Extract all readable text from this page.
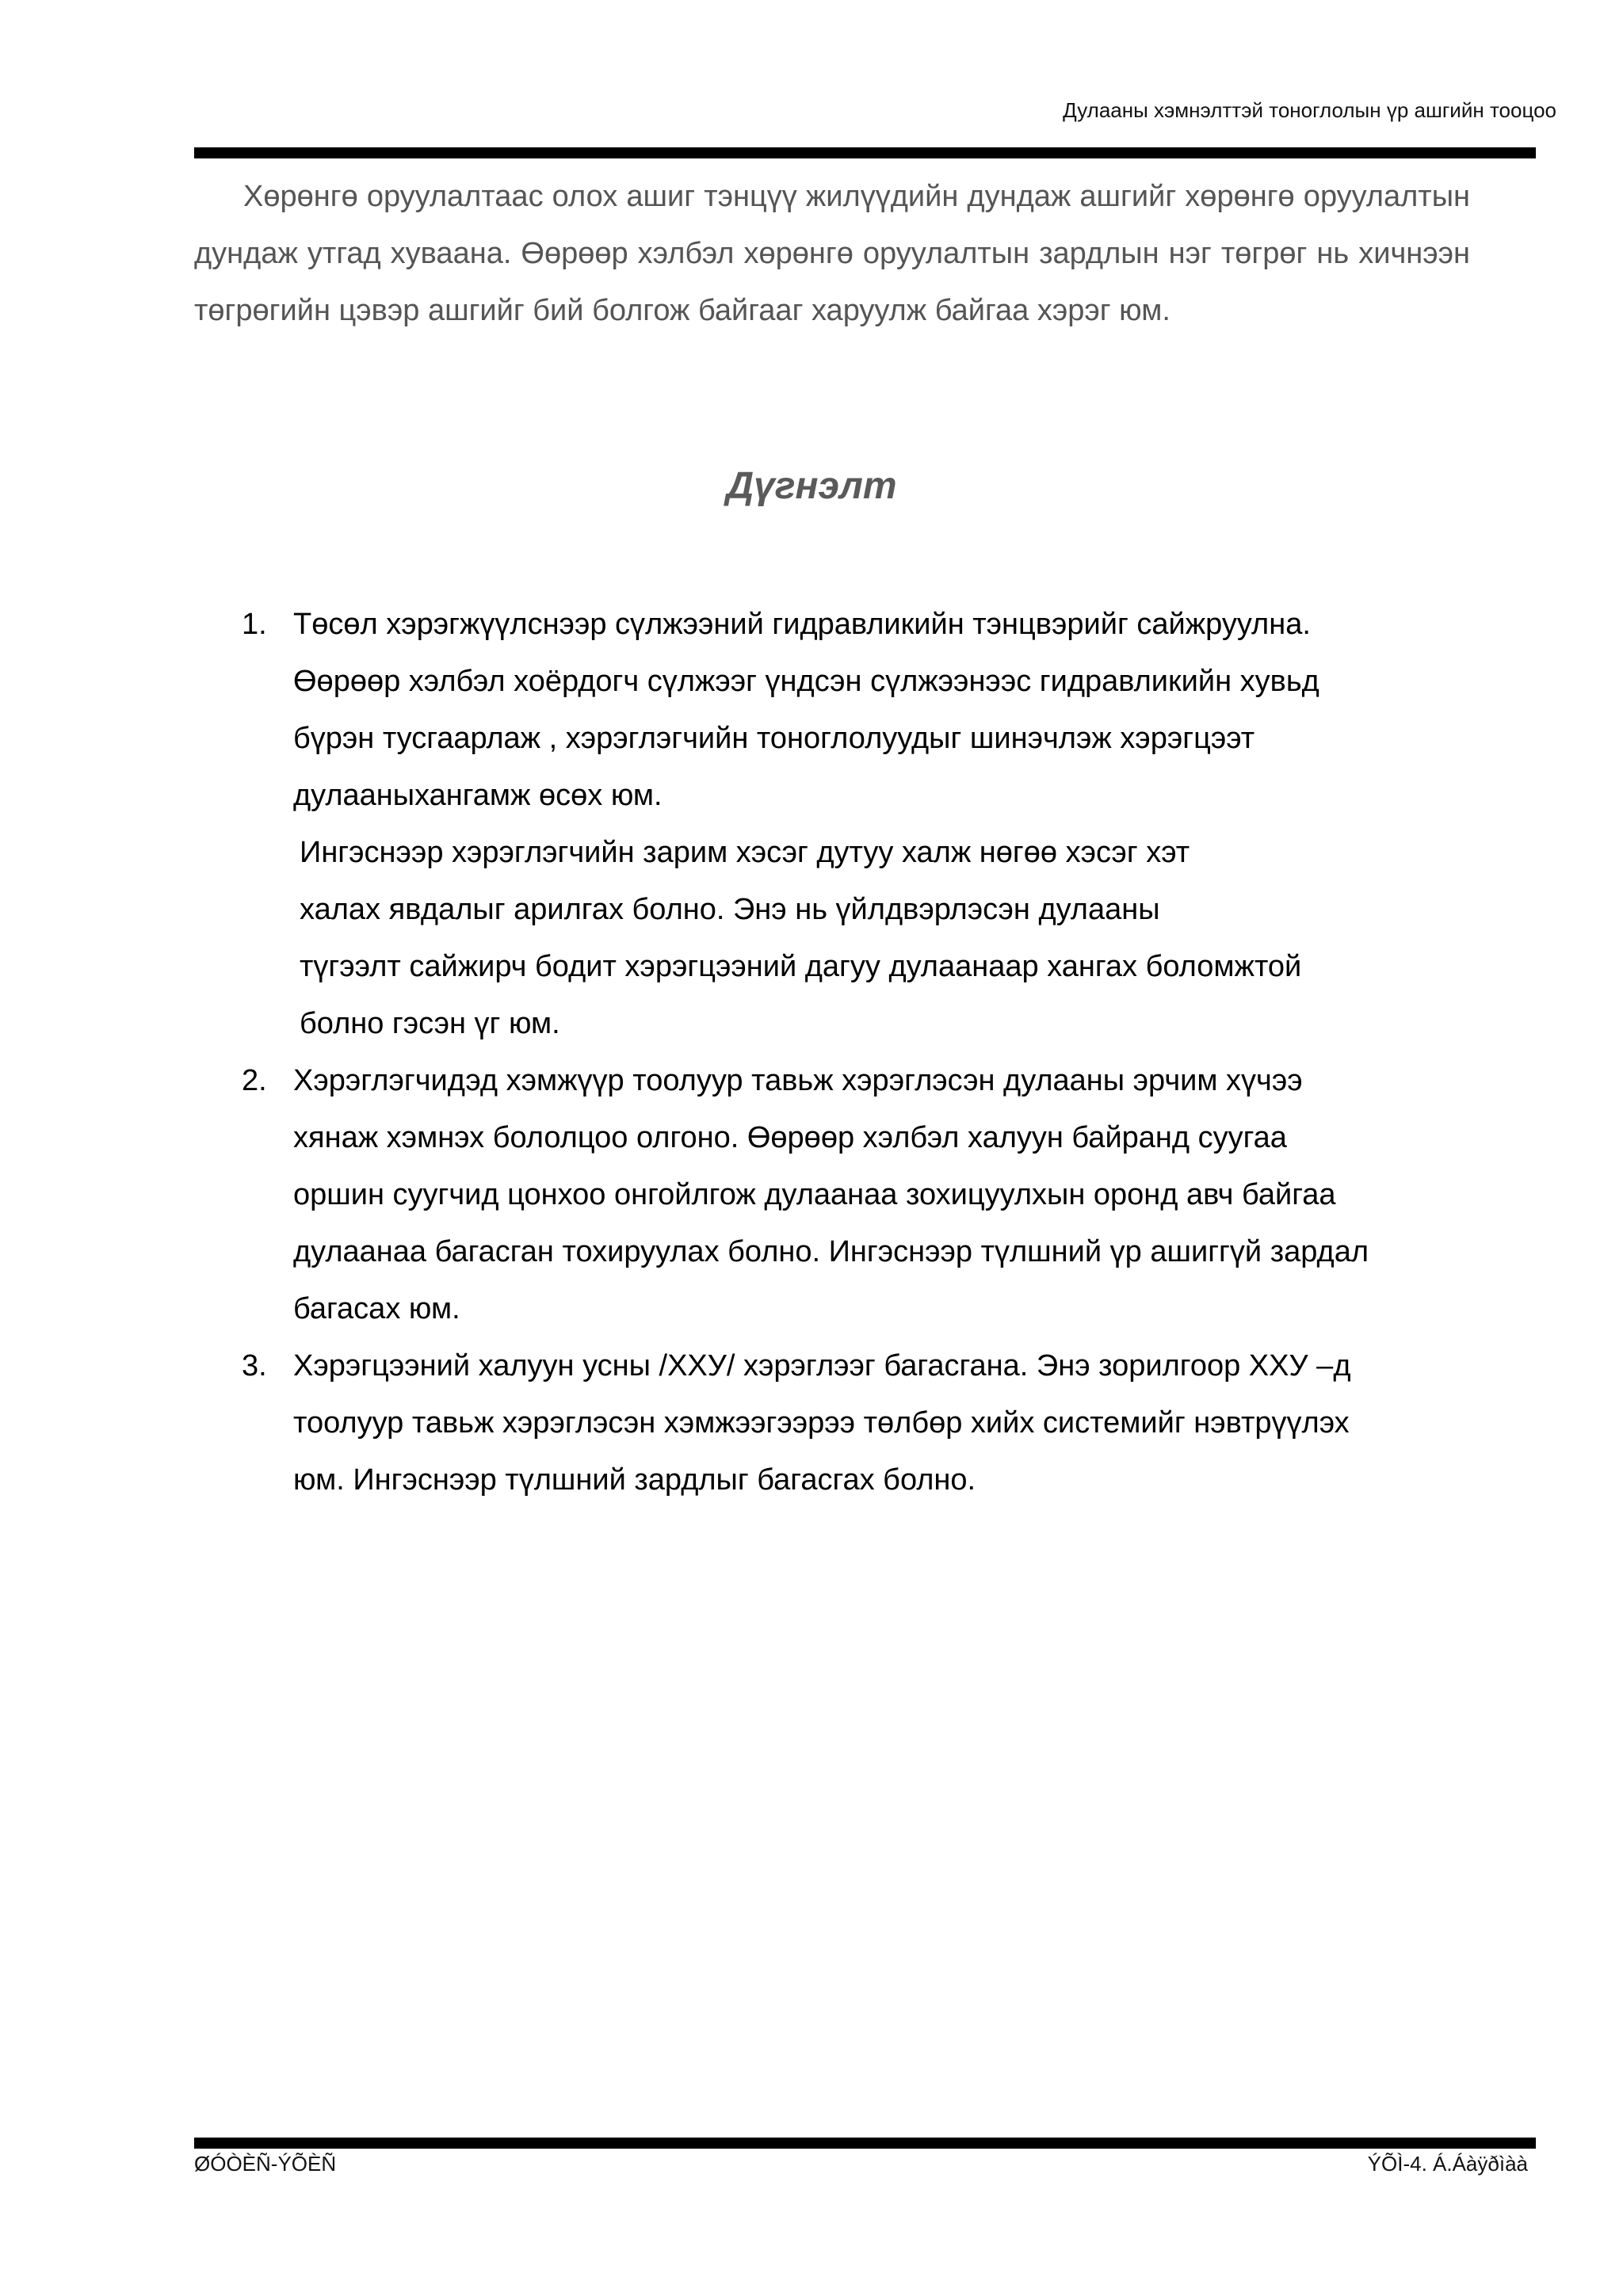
Дулааны хэмнэлттэй тоноглолын үр ашгийн тооцоо

Хөрөнгө оруулалтаас олох ашиг тэнцүү жилүүдийн дундаж ашгийг хөрөнгө оруулалтын дундаж утгад хуваана. Өөрөөр хэлбэл хөрөнгө оруулалтын зардлын нэг төгрөг нь хичнээн төгрөгийн цэвэр ашгийг бий болгож байгааг харуулж байгаа хэрэг юм.

Дүгнэлт
1. Төсөл хэрэгжүүлснээр сүлжээний гидравликийн тэнцвэрийг сайжруулна.
Өөрөөр хэлбэл хоёрдогч сүлжээг үндсэн сүлжээнээс гидравликийн хувьд
бүрэн тусгаарлаж , хэрэглэгчийн тоноглолуудыг шинэчлэж хэрэгцээт
дулааныхангамж өсөх юм.
Ингэснээр хэрэглэгчийн зарим хэсэг дутуу халж нөгөө хэсэг хэт
халах явдалыг арилгах болно. Энэ нь үйлдвэрлэсэн дулааны
түгээлт сайжирч бодит хэрэгцээний дагуу дулаанаар хангах боломжтой
болно гэсэн үг юм.
2. Хэрэглэгчидэд хэмжүүр тоолуур тавьж хэрэглэсэн дулааны эрчим хүчээ
хянаж хэмнэх бололцоо олгоно. Өөрөөр хэлбэл халуун байранд суугаа
оршин суугчид цонхоо онгойлгож дулаанаа зохицуулхын оронд авч байгаа
дулаанаа багасган тохируулах болно. Ингэснээр түлшний үр ашиггүй зардал
багасах юм.
3. Хэрэгцээний халуун усны /ХХУ/ хэрэглээг багасгана. Энэ зорилгоор ХХУ –д
тоолуур тавьж хэрэглэсэн хэмжээгээрээ төлбөр хийх системийг нэвтрүүлэх
юм. Ингэснээр түлшний зардлыг багасгах болно.
ØÓÒÈÑ-ÝÕÈÑ	ÝÕÌ-4. Á.Áàÿðìàà
